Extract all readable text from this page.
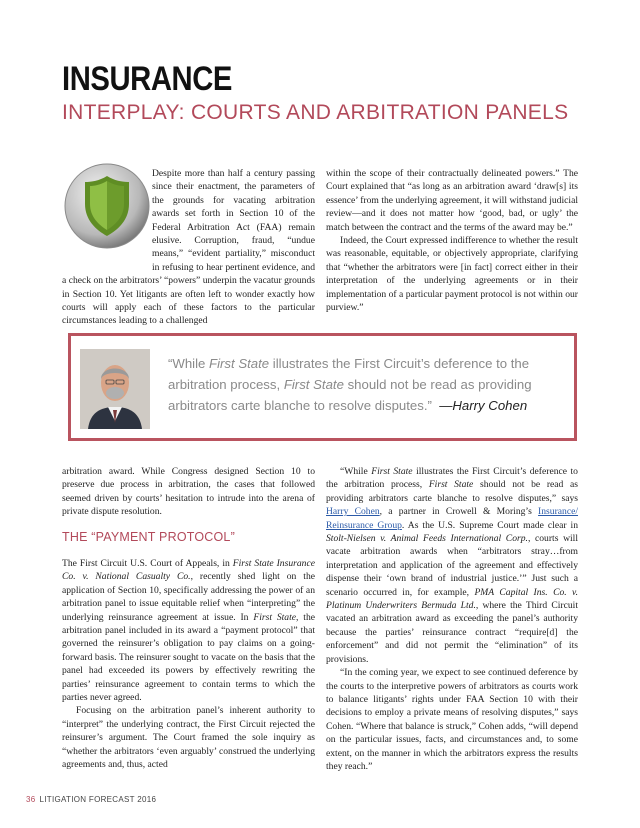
INSURANCE
INTERPLAY: COURTS AND ARBITRATION PANELS

Despite more than half a century passing since their enactment, the parameters of the grounds for vacating arbitration awards set forth in Section 10 of the Federal Arbitration Act (FAA) remain elusive. Corruption, fraud, “undue means,” “evident partiality,” misconduct in refusing to hear pertinent evidence, and a check on the arbitrators’ “powers” underpin the vacatur grounds in Section 10. Yet litigants are often left to wonder exactly how courts will apply each of these factors to the particular circumstances leading to a challenged

within the scope of their contractually delineated powers.” The Court explained that “as long as an arbitration award ‘draw[s] its essence’ from the underlying agreement, it will withstand judicial review—and it does not matter how ‘good, bad, or ugly’ the match between the contract and the terms of the award may be.”

Indeed, the Court expressed indifference to whether the result was reasonable, equitable, or objectively appropriate, clarifying that “whether the arbitrators were [in fact] correct either in their interpretation of the underlying agreements or in their implementation of a particular payment protocol is not within our purview.”

“While First State illustrates the First Circuit’s deference to the arbitration process, First State should not be read as providing arbitrators carte blanche to resolve disputes.” —Harry Cohen

arbitration award. While Congress designed Section 10 to preserve due process in arbitration, the cases that followed seemed driven by courts’ hesitation to intrude into the arena of private dispute resolution.

THE “PAYMENT PROTOCOL”

The First Circuit U.S. Court of Appeals, in First State Insurance Co. v. National Casualty Co., recently shed light on the application of Section 10, specifically addressing the power of an arbitration panel to issue equitable relief when “interpreting” the underlying reinsurance agreement at issue. In First State, the arbitration panel included in its award a “payment protocol” that governed the reinsurer’s obligation to pay claims on a going-forward basis. The reinsurer sought to vacate on the basis that the panel had exceeded its powers by effectively rewriting the parties’ reinsurance agreement to contain terms to which the parties never agreed.

Focusing on the arbitration panel’s inherent authority to “interpret” the underlying contract, the First Circuit rejected the reinsurer’s argument. The Court framed the sole inquiry as “whether the arbitrators ‘even arguably’ construed the underlying agreements and, thus, acted

“While First State illustrates the First Circuit’s deference to the arbitration process, First State should not be read as providing arbitrators carte blanche to resolve disputes,” says Harry Cohen, a partner in Crowell & Moring’s Insurance/ Reinsurance Group. As the U.S. Supreme Court made clear in Stolt-Nielsen v. Animal Feeds International Corp., courts will vacate arbitration awards when “arbitrators stray…from interpretation and application of the agreement and effectively dispense their ‘own brand of industrial justice.’” Just such a scenario occurred in, for example, PMA Capital Ins. Co. v. Platinum Underwriters Bermuda Ltd., where the Third Circuit vacated an arbitration award as exceeding the panel’s authority because the parties’ reinsurance contract “require[d] the enforcement” and did not permit the “elimination” of its provisions.

“In the coming year, we expect to see continued deference by the courts to the interpretive powers of arbitrators as courts work to balance litigants’ rights under FAA Section 10 with their decisions to employ a private means of resolving disputes,” says Cohen. “Where that balance is struck,” Cohen adds, “will depend on the particular issues, facts, and circumstances and, to some extent, on the manner in which the arbitrators express the results they reach.”

36 LITIGATION FORECAST 2016
